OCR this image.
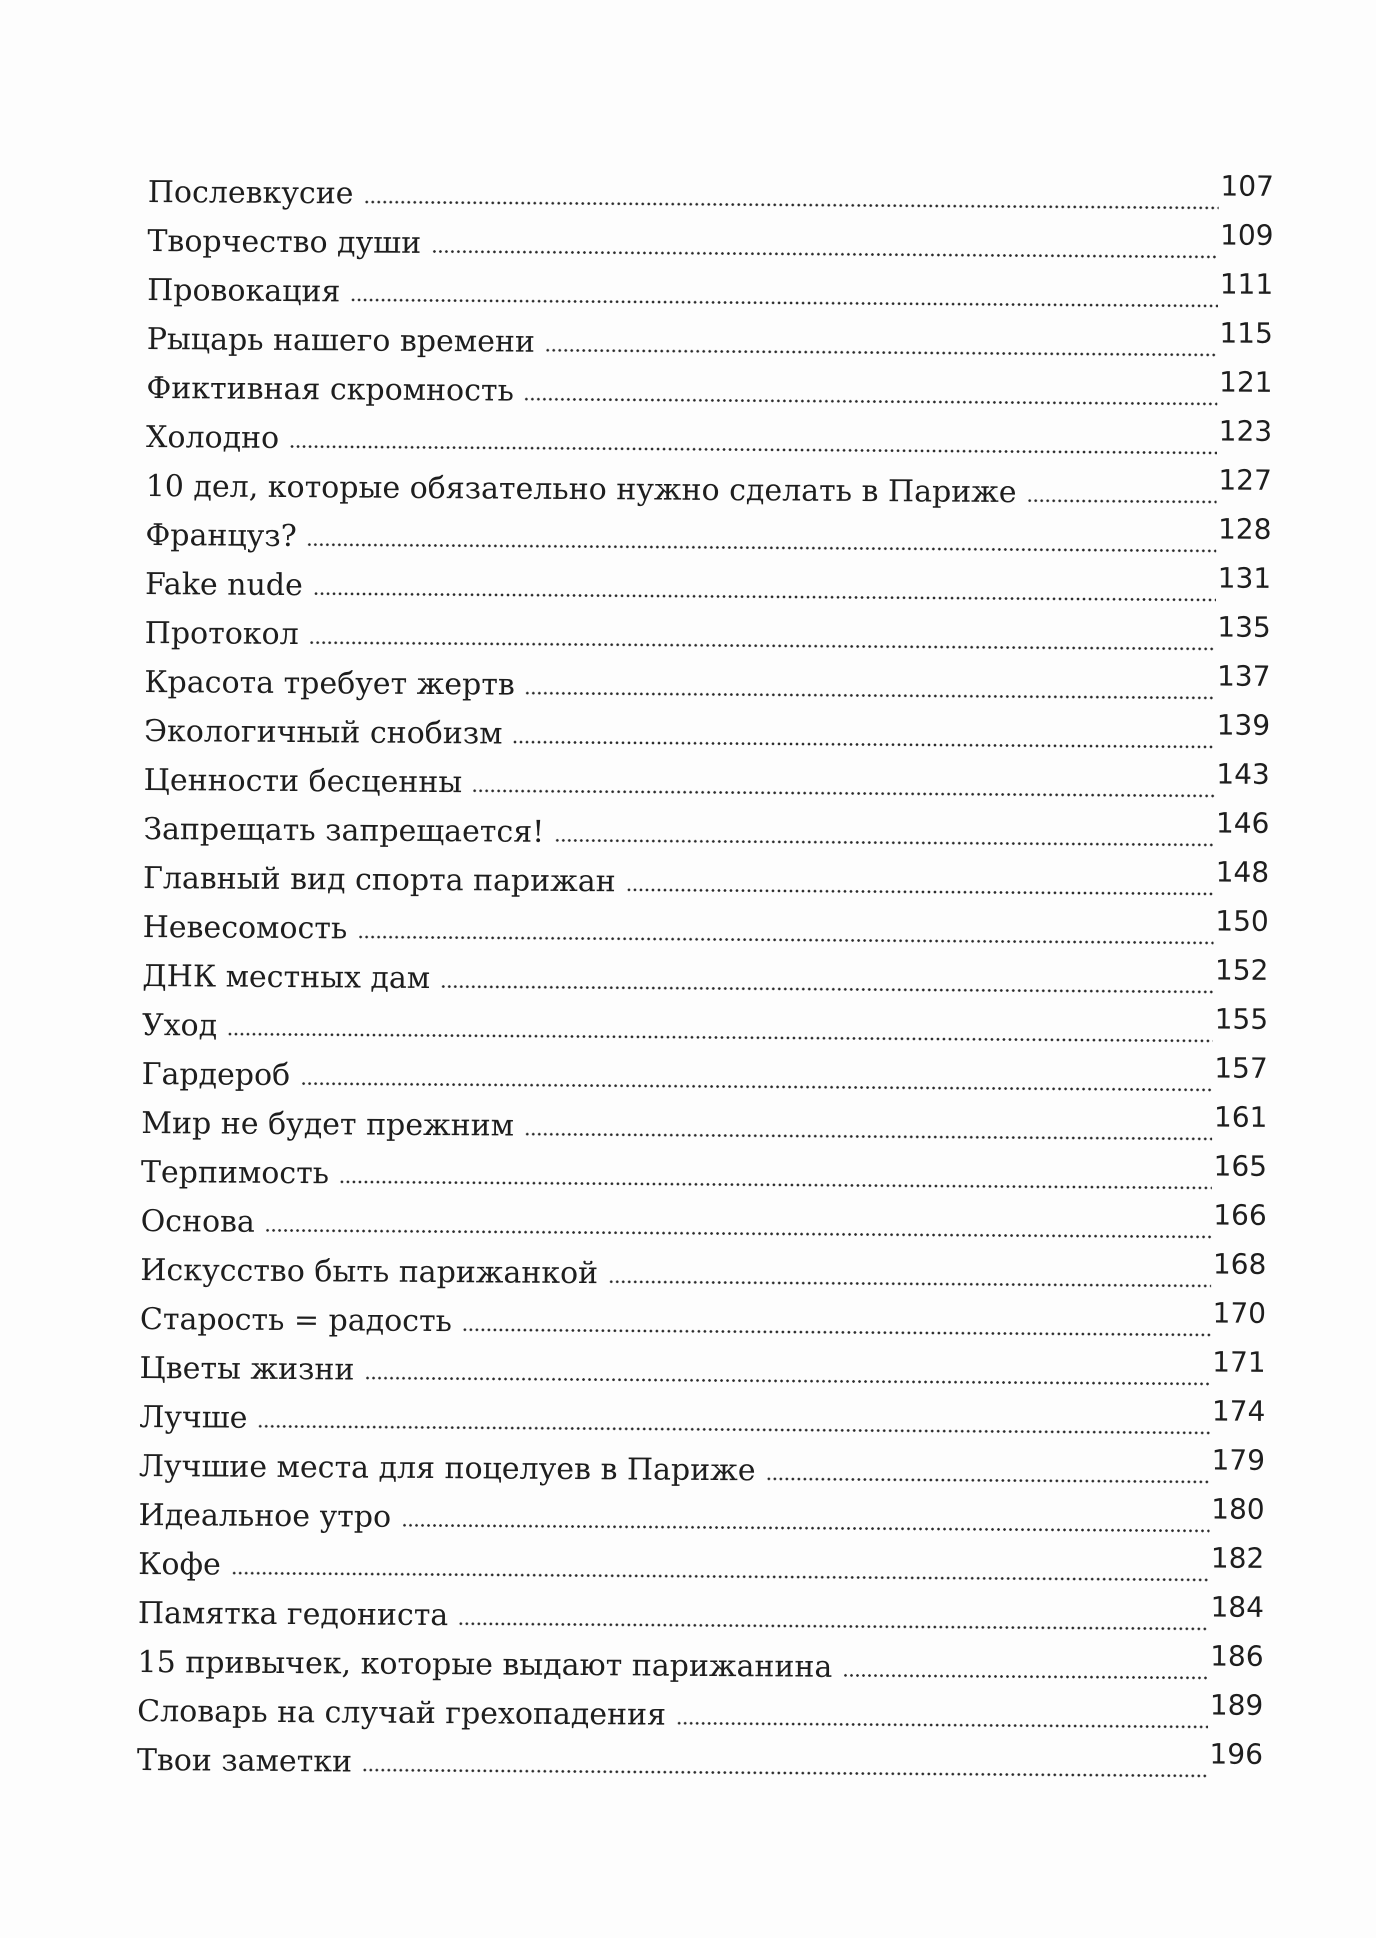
Послевкусие	107
Творчество души	109
Провокация	111
Рыцарь нашего времени	115
Фиктивная скромность	121
Холодно	123
10 дел, которые обязательно нужно сделать в Париже	127
Француз?	128
Fake nude	131
Протокол	135
Красота требует жертв	137
Экологичный снобизм	139
Ценности бесценны	143
Запрещать запрещается!	146
Главный вид спорта парижан	148
Невесомость	150
ДНК местных дам	152
Уход	155
Гардероб	157
Мир не будет прежним	161
Терпимость	165
Основа	166
Искусство быть парижанкой	168
Старость = радость	170
Цветы жизни	171
Лучше	174
Лучшие места для поцелуев в Париже	179
Идеальное утро	180
Кофе	182
Памятка гедониста	184
15 привычек, которые выдают парижанина	186
Словарь на случай грехопадения	189
Твои заметки	196
